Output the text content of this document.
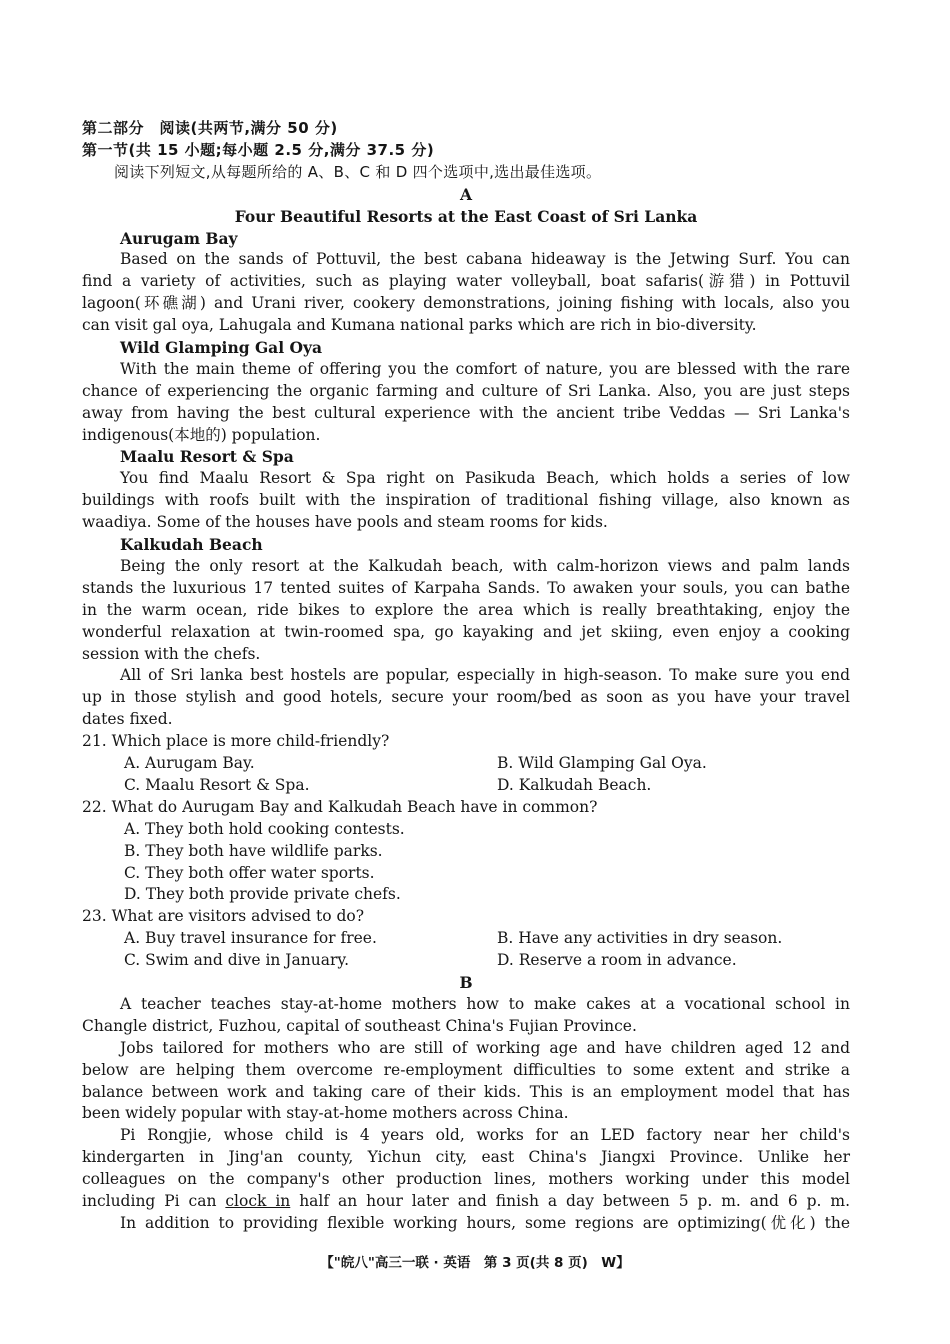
第二部分　阅读(共两节,满分 50 分)
第一节(共 15 小题;每小题 2.5 分,满分 37.5 分)
阅读下列短文,从每题所给的 A、B、C 和 D 四个选项中,选出最佳选项。
A
Four Beautiful Resorts at the East Coast of Sri Lanka
Aurugam Bay
Based on the sands of Pottuvil, the best cabana hideaway is the Jetwing Surf. You can
find a variety of activities, such as playing water volleyball, boat safaris(游猎) in Pottuvil
lagoon(环礁湖) and Urani river, cookery demonstrations, joining fishing with locals, also you
can visit gal oya, Lahugala and Kumana national parks which are rich in bio-diversity.
Wild Glamping Gal Oya
With the main theme of offering you the comfort of nature, you are blessed with the rare
chance of experiencing the organic farming and culture of Sri Lanka. Also, you are just steps
away from having the best cultural experience with the ancient tribe Veddas — Sri Lanka's
indigenous(本地的) population.
Maalu Resort & Spa
You find Maalu Resort & Spa right on Pasikuda Beach, which holds a series of low
buildings with roofs built with the inspiration of traditional fishing village, also known as
waadiya. Some of the houses have pools and steam rooms for kids.
Kalkudah Beach
Being the only resort at the Kalkudah beach, with calm-horizon views and palm lands
stands the luxurious 17 tented suites of Karpaha Sands. To awaken your souls, you can bathe
in the warm ocean, ride bikes to explore the area which is really breathtaking, enjoy the
wonderful relaxation at twin-roomed spa, go kayaking and jet skiing, even enjoy a cooking
session with the chefs.
All of Sri lanka best hostels are popular, especially in high-season. To make sure you end
up in those stylish and good hotels, secure your room/bed as soon as you have your travel
dates fixed.
21. Which place is more child-friendly?
A. Aurugam Bay.	B. Wild Glamping Gal Oya.
C. Maalu Resort & Spa.	D. Kalkudah Beach.
22. What do Aurugam Bay and Kalkudah Beach have in common?
A. They both hold cooking contests.
B. They both have wildlife parks.
C. They both offer water sports.
D. They both provide private chefs.
23. What are visitors advised to do?
A. Buy travel insurance for free.	B. Have any activities in dry season.
C. Swim and dive in January.	D. Reserve a room in advance.
B
A teacher teaches stay-at-home mothers how to make cakes at a vocational school in
Changle district, Fuzhou, capital of southeast China's Fujian Province.
Jobs tailored for mothers who are still of working age and have children aged 12 and
below are helping them overcome re-employment difficulties to some extent and strike a
balance between work and taking care of their kids. This is an employment model that has
been widely popular with stay-at-home mothers across China.
Pi Rongjie, whose child is 4 years old, works for an LED factory near her child's
kindergarten in Jing'an county, Yichun city, east China's Jiangxi Province. Unlike her
colleagues on the company's other production lines, mothers working under this model
including Pi can clock in half an hour later and finish a day between 5 p. m. and 6 p. m.
In addition to providing flexible working hours, some regions are optimizing(优化) the
【"皖八"高三一联 · 英语　第 3 页(共 8 页)　W】
